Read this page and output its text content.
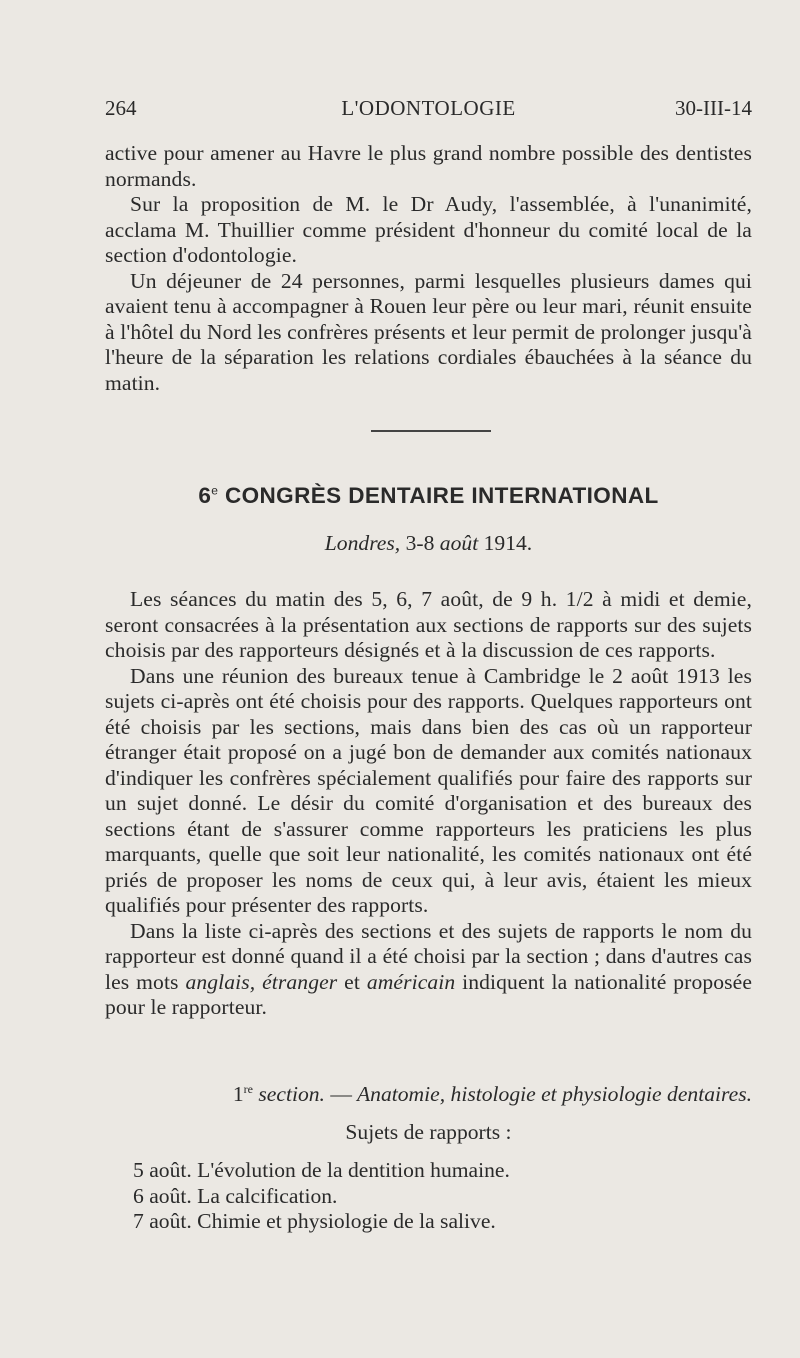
264	L'ODONTOLOGIE	30-III-14

active pour amener au Havre le plus grand nombre possible des dentistes normands.

Sur la proposition de M. le Dr Audy, l'assemblée, à l'unanimité, acclama M. Thuillier comme président d'honneur du comité local de la section d'odontologie.

Un déjeuner de 24 personnes, parmi lesquelles plusieurs dames qui avaient tenu à accompagner à Rouen leur père ou leur mari, réunit ensuite à l'hôtel du Nord les confrères présents et leur permit de prolonger jusqu'à l'heure de la séparation les relations cordiales ébauchées à la séance du matin.

6e CONGRÈS DENTAIRE INTERNATIONAL
Londres, 3-8 août 1914.

Les séances du matin des 5, 6, 7 août, de 9 h. 1/2 à midi et demie, seront consacrées à la présentation aux sections de rapports sur des sujets choisis par des rapporteurs désignés et à la discussion de ces rapports.

Dans une réunion des bureaux tenue à Cambridge le 2 août 1913 les sujets ci-après ont été choisis pour des rapports. Quelques rapporteurs ont été choisis par les sections, mais dans bien des cas où un rapporteur étranger était proposé on a jugé bon de demander aux comités nationaux d'indiquer les confrères spécialement qualifiés pour faire des rapports sur un sujet donné. Le désir du comité d'organisation et des bureaux des sections étant de s'assurer comme rapporteurs les praticiens les plus marquants, quelle que soit leur nationalité, les comités nationaux ont été priés de proposer les noms de ceux qui, à leur avis, étaient les mieux qualifiés pour présenter des rapports.

Dans la liste ci-après des sections et des sujets de rapports le nom du rapporteur est donné quand il a été choisi par la section ; dans d'autres cas les mots anglais, étranger et américain indiquent la nationalité proposée pour le rapporteur.

1re section. — Anatomie, histologie et physiologie dentaires.
Sujets de rapports :
5 août. L'évolution de la dentition humaine.
6 août. La calcification.
7 août. Chimie et physiologie de la salive.
